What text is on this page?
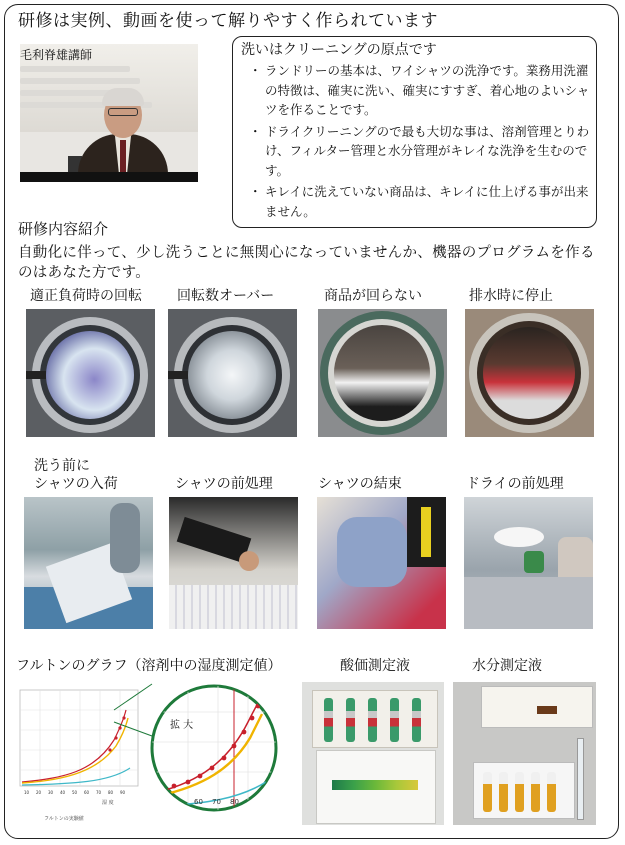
研修は実例、動画を使って解りやすく作られています
毛利脊雄講師	洗いはクリーニングの原点です
・ ランドリーの基本は、ワイシャツの洗浄です。業務用洗濯の特徴は、確実に洗い、確実にすすぎ、着心地のよいシャツを作ることです。
・ ドライクリーニングので最も大切な事は、溶剤管理とりわけ、フィルター管理と水分管理がキレイな洗浄を生むのです。
・ キレイに洗えていない商品は、キレイに仕上げる事が出来ません。
研修内容紹介
自動化に伴って、少し洗うことに無関心になっていませんか、機器のプログラムを作るのはあなた方です。
適正負荷時の回転	回転数オーバー	商品が回らない	排水時に停止
洗う前に
シャツの入荷	シャツの前処理	シャツの結束	ドライの前処理
フルトンのグラフ（溶剤中の湿度測定値）	酸価測定液	水分測定液
10 20 30 40 50 60 70 80 90
湿 度
フルトンの実験値
拡 大
60 70 80
